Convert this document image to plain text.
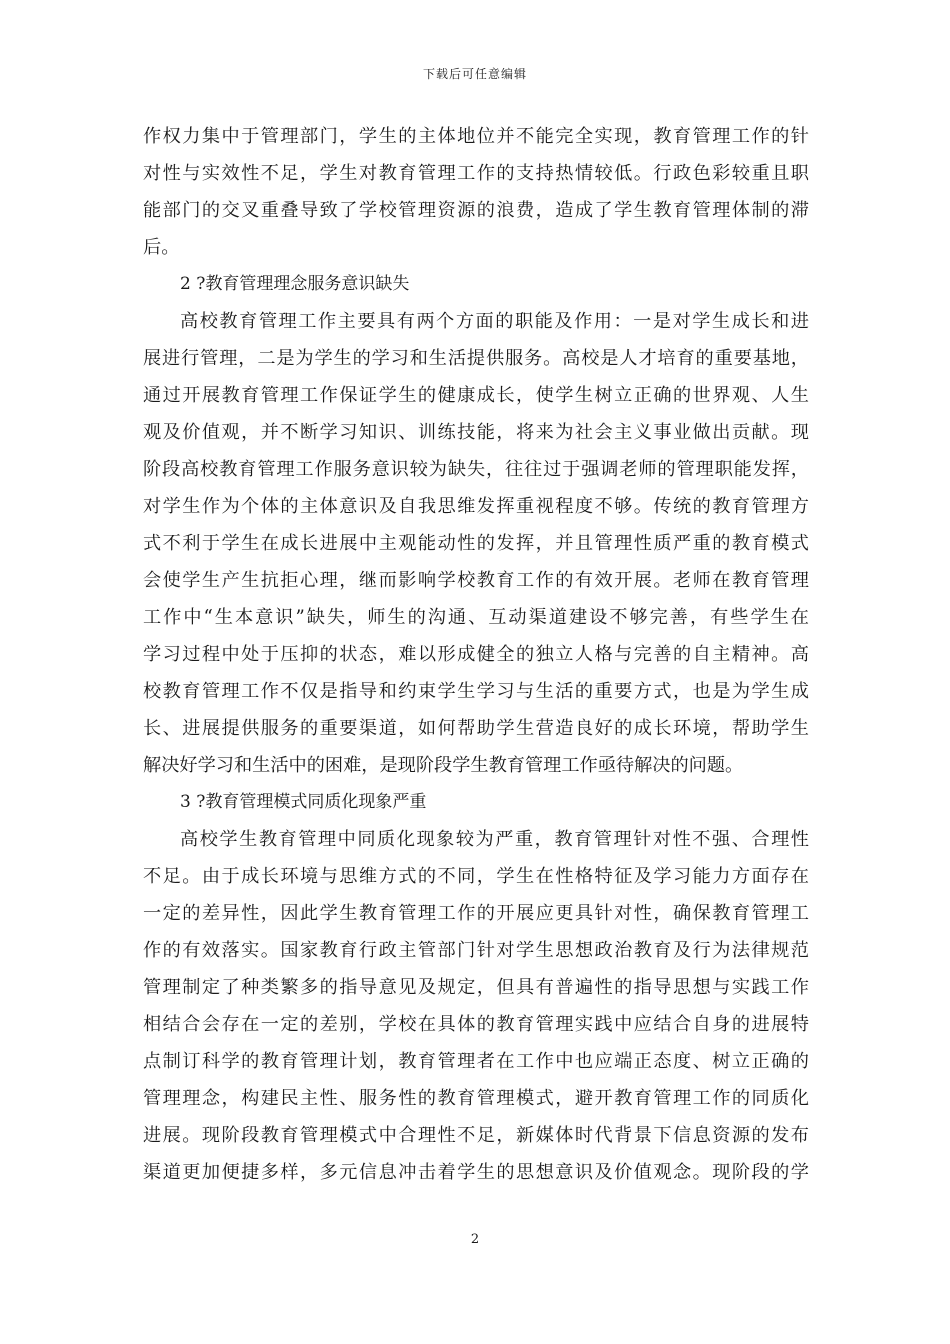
下载后可任意编辑
作权力集中于管理部门，学生的主体地位并不能完全实现，教育管理工作的针
对性与实效性不足，学生对教育管理工作的支持热情较低。行政色彩较重且职
能部门的交叉重叠导致了学校管理资源的浪费，造成了学生教育管理体制的滞
后。
2 ?教育管理理念服务意识缺失
高校教育管理工作主要具有两个方面的职能及作用：一是对学生成长和进
展进行管理，二是为学生的学习和生活提供服务。高校是人才培育的重要基地，
通过开展教育管理工作保证学生的健康成长，使学生树立正确的世界观、人生
观及价值观，并不断学习知识、训练技能，将来为社会主义事业做出贡献。现
阶段高校教育管理工作服务意识较为缺失，往往过于强调老师的管理职能发挥，
对学生作为个体的主体意识及自我思维发挥重视程度不够。传统的教育管理方
式不利于学生在成长进展中主观能动性的发挥，并且管理性质严重的教育模式
会使学生产生抗拒心理，继而影响学校教育工作的有效开展。老师在教育管理
工作中“生本意识”缺失，师生的沟通、互动渠道建设不够完善，有些学生在
学习过程中处于压抑的状态，难以形成健全的独立人格与完善的自主精神。高
校教育管理工作不仅是指导和约束学生学习与生活的重要方式，也是为学生成
长、进展提供服务的重要渠道，如何帮助学生营造良好的成长环境，帮助学生
解决好学习和生活中的困难，是现阶段学生教育管理工作亟待解决的问题。
3 ?教育管理模式同质化现象严重
高校学生教育管理中同质化现象较为严重，教育管理针对性不强、合理性
不足。由于成长环境与思维方式的不同，学生在性格特征及学习能力方面存在
一定的差异性，因此学生教育管理工作的开展应更具针对性，确保教育管理工
作的有效落实。国家教育行政主管部门针对学生思想政治教育及行为法律规范
管理制定了种类繁多的指导意见及规定，但具有普遍性的指导思想与实践工作
相结合会存在一定的差别，学校在具体的教育管理实践中应结合自身的进展特
点制订科学的教育管理计划，教育管理者在工作中也应端正态度、树立正确的
管理理念，构建民主性、服务性的教育管理模式，避开教育管理工作的同质化
进展。现阶段教育管理模式中合理性不足，新媒体时代背景下信息资源的发布
渠道更加便捷多样，多元信息冲击着学生的思想意识及价值观念。现阶段的学
2
